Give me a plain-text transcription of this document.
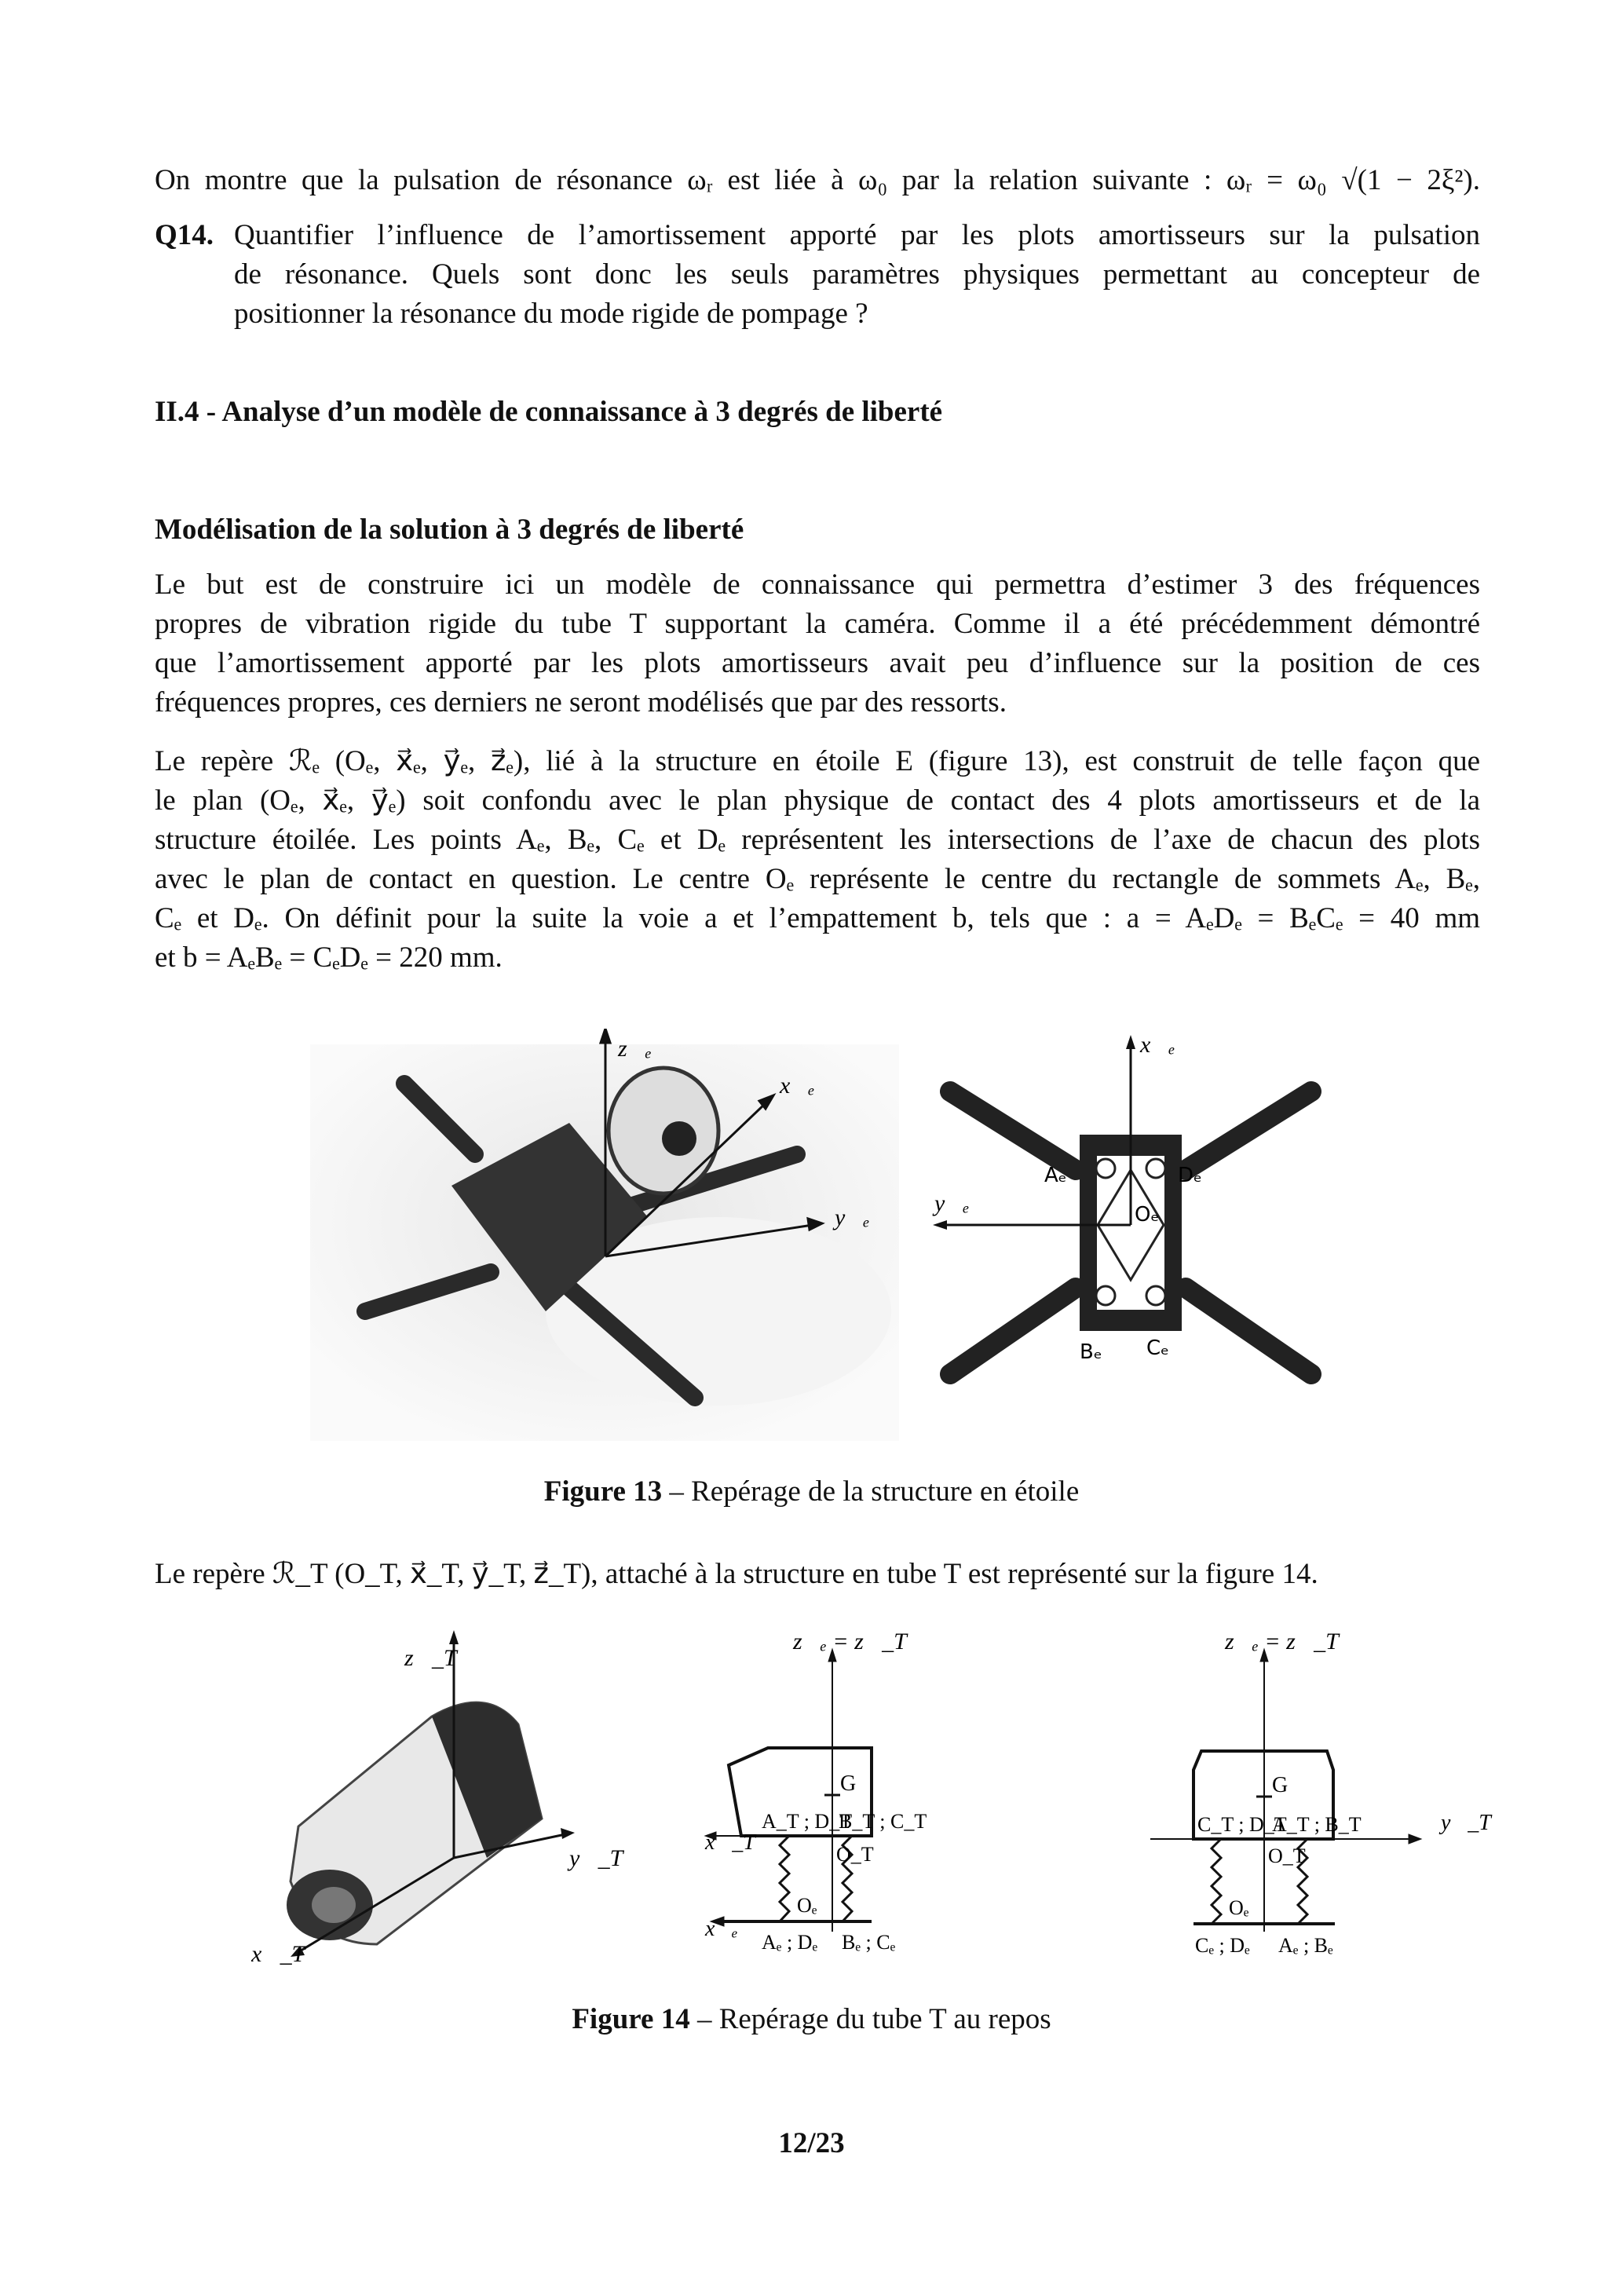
On montre que la pulsation de résonance ωᵣ est liée à ω₀ par la relation suivante : ωᵣ = ω₀ √(1 − 2ξ²).
Q14. Quantifier l’influence de l’amortissement apporté par les plots amortisseurs sur la pulsation
de résonance. Quels sont donc les seuls paramètres physiques permettant au concepteur de
positionner la résonance du mode rigide de pompage ?
II.4 - Analyse d’un modèle de connaissance à 3 degrés de liberté
Modélisation de la solution à 3 degrés de liberté
Le but est de construire ici un modèle de connaissance qui permettra d’estimer 3 des fréquences
propres de vibration rigide du tube T supportant la caméra. Comme il a été précédemment démontré
que l’amortissement apporté par les plots amortisseurs avait peu d’influence sur la position de ces
fréquences propres, ces derniers ne seront modélisés que par des ressorts.
Le repère ℛₑ (Oₑ, x⃗ₑ, y⃗ₑ, z⃗ₑ), lié à la structure en étoile E (figure 13), est construit de telle façon que
le plan (Oₑ, x⃗ₑ, y⃗ₑ) soit confondu avec le plan physique de contact des 4 plots amortisseurs et de la
structure étoilée. Les points Aₑ, Bₑ, Cₑ et Dₑ représentent les intersections de l’axe de chacun des plots
avec le plan de contact en question. Le centre Oₑ représente le centre du rectangle de sommets Aₑ, Bₑ,
Cₑ et Dₑ. On définit pour la suite la voie a et l’empattement b, tels que : a = AₑDₑ = BₑCₑ = 40 mm
et b = AₑBₑ = CₑDₑ = 220 mm.
z⃗ₑ
x⃗ₑ
y⃗ₑ
x⃗ₑ
y⃗ₑ
Aₑ	Dₑ
Oₑ
Bₑ Cₑ
Figure 13 – Repérage de la structure en étoile
Le repère ℛ_T (O_T, x⃗_T, y⃗_T, z⃗_T), attaché à la structure en tube T est représenté sur la figure 14.
z⃗_T
x⃗_T
y⃗_T
z⃗ₑ = z⃗_T
G
A_T ; D_T
B_T ; C_T
O_T
Oₑ
x⃗_T
x⃗ₑ
Aₑ ; Dₑ Bₑ ; Cₑ
z⃗ₑ = z⃗_T
G
C_T ; D_T
A_T ; B_T
O_T
Oₑ
y⃗_T
Cₑ ; Dₑ Aₑ ; Bₑ
Figure 14 – Repérage du tube T au repos
12/23
